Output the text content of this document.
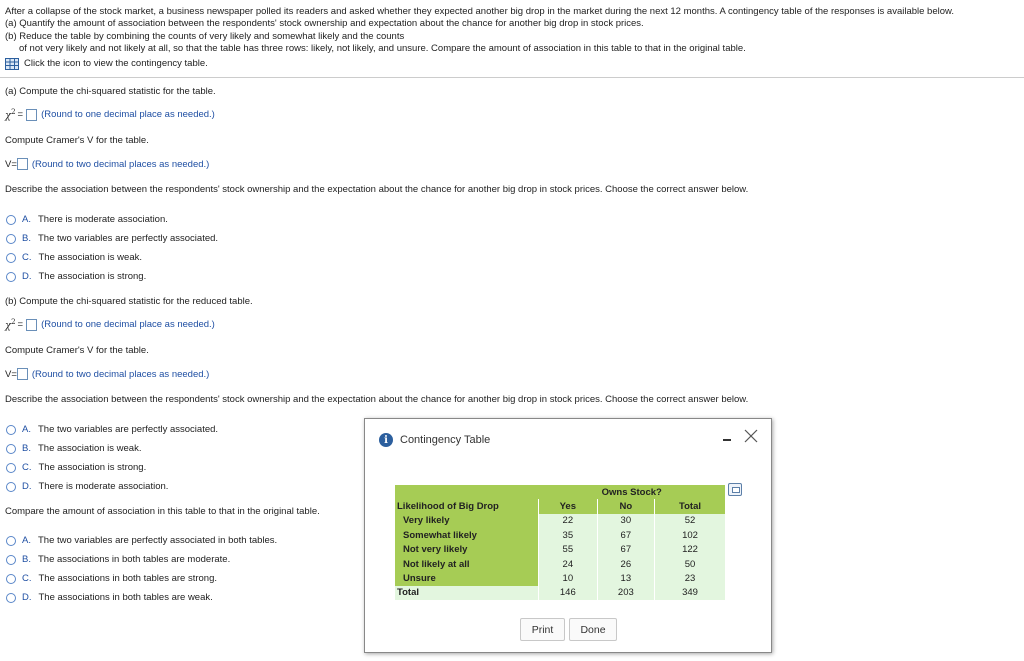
After a collapse of the stock market, a business newspaper polled its readers and asked whether they expected another big drop in the market during the next 12 months. A contingency table of the responses is available below.
(a) Quantify the amount of association between the respondents' stock ownership and expectation about the chance for another big drop in stock prices.
(b) Reduce the table by combining the counts of very likely and somewhat likely and the counts
of not very likely and not likely at all, so that the table has three rows: likely, not likely, and unsure. Compare the amount of association in this table to that in the original table.
Click the icon to view the contingency table.
(a) Compute the chi-squared statistic for the table.
$\chi^2$ = (Round to one decimal place as needed.)
Compute Cramer's V for the table.
V= (Round to two decimal places as needed.)
Describe the association between the respondents' stock ownership and the expectation about the chance for another big drop in stock prices. Choose the correct answer below.
A. There is moderate association.
B. The two variables are perfectly associated.
C. The association is weak.
D. The association is strong.
(b) Compute the chi-squared statistic for the reduced table.
$\chi^2$ = (Round to one decimal place as needed.)
Compute Cramer's V for the table.
V= (Round to two decimal places as needed.)
Describe the association between the respondents' stock ownership and the expectation about the chance for another big drop in stock prices. Choose the correct answer below.
A. The two variables are perfectly associated.
B. The association is weak.
C. The association is strong.
D. There is moderate association.
Compare the amount of association in this table to that in the original table.
A. The two variables are perfectly associated in both tables.
B. The associations in both tables are moderate.
C. The associations in both tables are strong.
D. The associations in both tables are weak.
i	Contingency Table
	Owns Stock?		
Likelihood of Big Drop	Yes	No	Total
Very likely	22	30	52
Somewhat likely	35	67	102
Not very likely	55	67	122
Not likely at all	24	26	50
Unsure	10	13	23
Total	146	203	349
Print	Done
